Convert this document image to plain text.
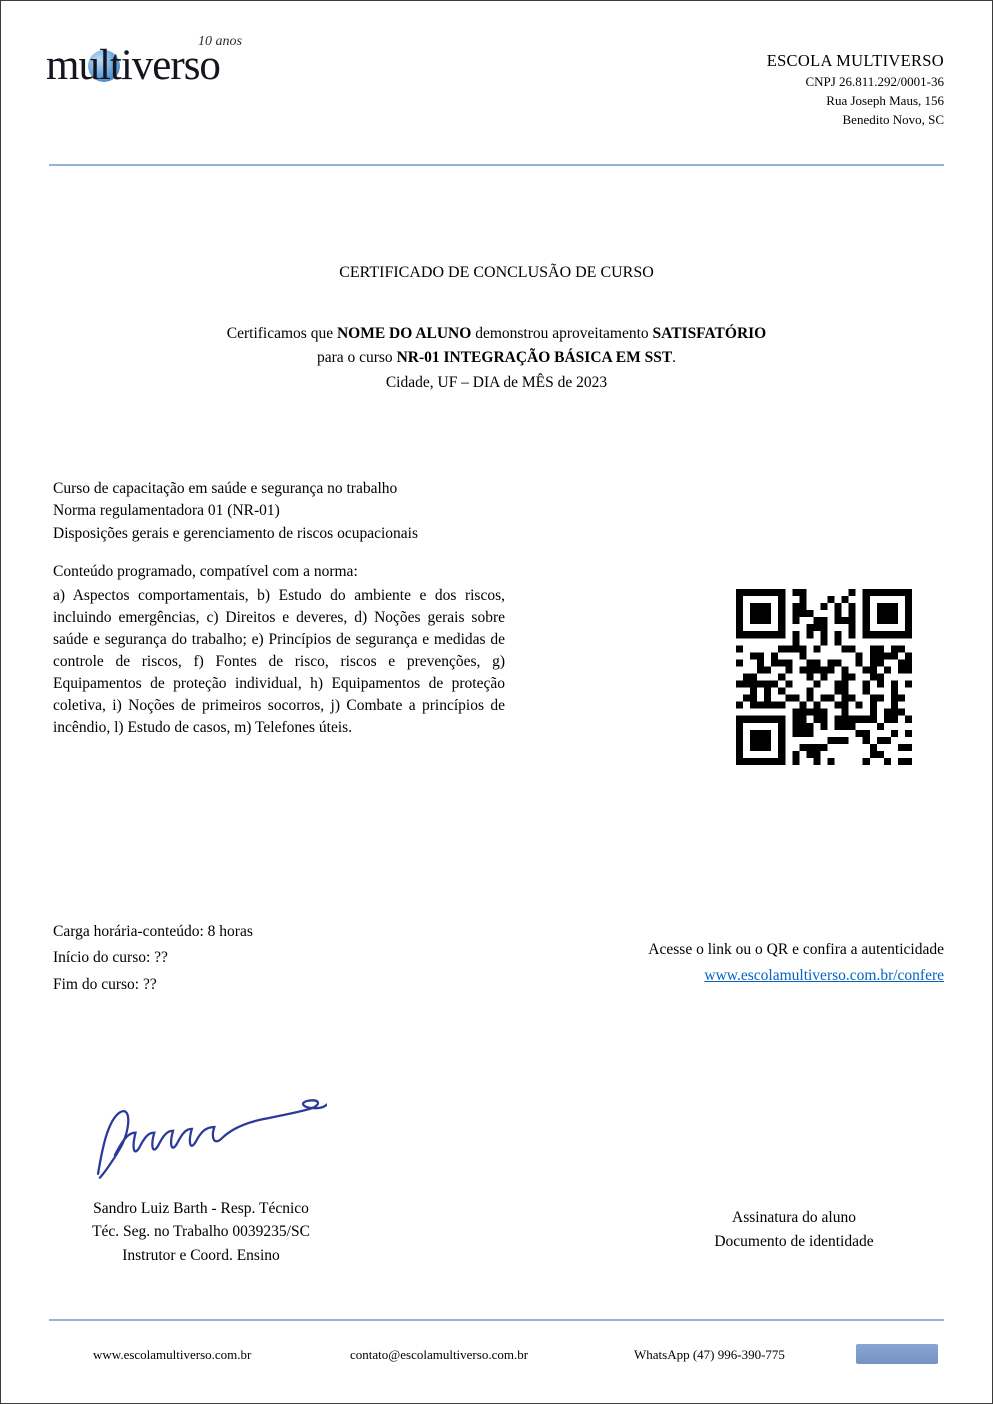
10 anos
multiverso	ESCOLA MULTIVERSO
CNPJ 26.811.292/0001-36
Rua Joseph Maus, 156
Benedito Novo, SC
CERTIFICADO DE CONCLUSÃO DE CURSO

Certificamos que NOME DO ALUNO demonstrou aproveitamento SATISFATÓRIO
para o curso NR-01 INTEGRAÇÃO BÁSICA EM SST.

Cidade, UF – DIA de MÊS de 2023
Curso de capacitação em saúde e segurança no trabalho
Norma regulamentadora 01 (NR-01)
Disposições gerais e gerenciamento de riscos ocupacionais
Conteúdo programado, compatível com a norma:

a) Aspectos comportamentais, b) Estudo do ambiente e dos riscos, incluindo emergências, c) Direitos e deveres, d) Noções gerais sobre saúde e segurança do trabalho; e) Princípios de segurança e medidas de controle de riscos, f) Fontes de risco, riscos e prevenções, g) Equipamentos de proteção individual, h) Equipamentos de proteção coletiva, i) Noções de primeiros socorros, j) Combate a princípios de incêndio, l) Estudo de casos, m) Telefones úteis.

Carga horária-conteúdo: 8 horas
Início do curso: ??
Fim do curso: ??
Acesse o link ou o QR e confira a autenticidade
www.escolamultiverso.com.br/confere
Sandro Luiz Barth - Resp. Técnico
Téc. Seg. no Trabalho 0039235/SC
Instrutor e Coord. Ensino
Assinatura do aluno
Documento de identidade
www.escolamultiverso.com.br	contato@escolamultiverso.com.br	WhatsApp (47) 996-390-775
